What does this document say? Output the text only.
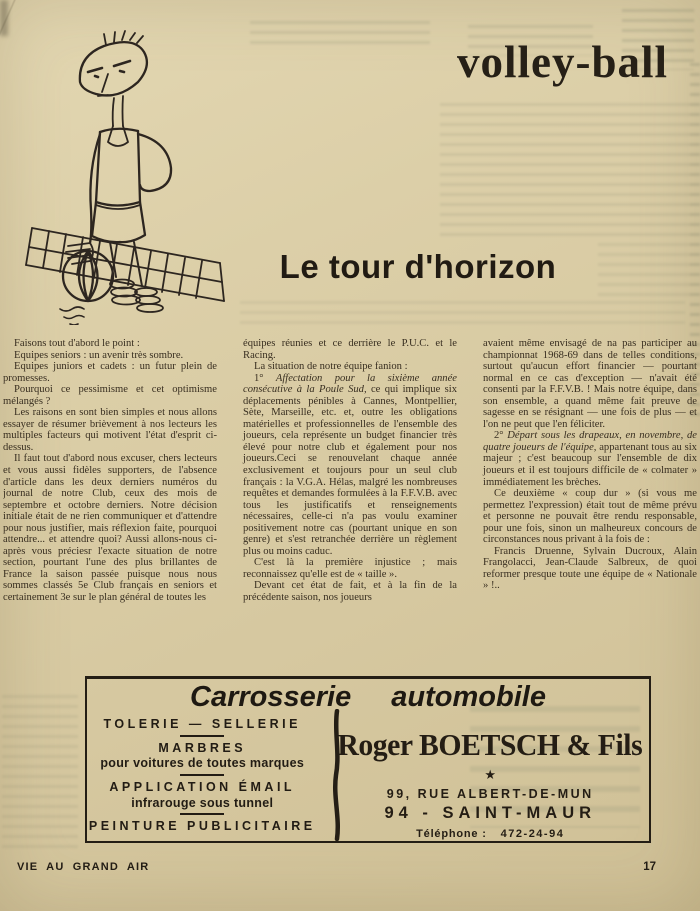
volley-ball
Le tour d'horizon

Faisons tout d'abord le point :

Equipes seniors : un avenir très sombre.

Equipes juniors et cadets : un futur plein de promesses.

Pourquoi ce pessimisme et cet optimisme mélangés ?

Les raisons en sont bien simples et nous allons essayer de résumer brièvement à nos lecteurs les multiples facteurs qui motivent l'état d'esprit ci-dessus.

Il faut tout d'abord nous excuser, chers lecteurs et vous aussi fidèles supporters, de l'absence d'article dans les deux derniers numéros du journal de notre Club, ceux des mois de septembre et octobre derniers. Notre décision initiale était de ne rien communiquer et d'attendre pour nous justifier, mais réflexion faite, pourquoi attendre... et attendre quoi? Aussi allons-nous ci-après vous préciesr l'exacte situation de notre section, pourtant l'une des plus brillantes de France la saison passée puisque nous nous sommes classés 5e Club français en seniors et certainement 3e sur le plan général de toutes les

équipes réunies et ce derrière le P.U.C. et le Racing.

La situation de notre équipe fanion :

1° Affectation pour la sixième année consécutive à la Poule Sud, ce qui implique six déplacements pénibles à Cannes, Montpellier, Sète, Marseille, etc. et, outre les obligations matérielles et professionnelles de l'ensemble des joueurs, cela représente un budget financier très élevé pour notre club et également pour nos joueurs.Ceci se renouvelant chaque année exclusivement et toujours pour un seul club français : la V.G.A. Hélas, malgré les nombreuses requêtes et demandes formulées à la F.F.V.B. avec tous les justificatifs et renseignements nécessaires, celle-ci n'a pas voulu examiner positivement notre cas (pourtant unique en son genre) et s'est retranchée derrière un règlement plus ou moins caduc.

C'est là la première injustice ; mais reconnaissez qu'elle est de « taille ».

Devant cet état de fait, et à la fin de la précédente saison, nos joueurs

avaient même envisagé de na pas participer au championnat 1968-69 dans de telles conditions, surtout qu'aucun effort financier — pourtant normal en ce cas d'exception — n'avait été consenti par la F.F.V.B. ! Mais notre équipe, dans son ensemble, a quand même fait preuve de sagesse en se résignant — une fois de plus — et l'on ne peut que l'en féliciter.

2° Départ sous les drapeaux, en novembre, de quatre joueurs de l'équipe, appartenant tous au six majeur ; c'est beaucoup sur l'ensemble de dix joueurs et il est toujours difficile de « colmater » immédiatement les brèches.

Ce deuxième « coup dur » (si vous me permettez l'expression) était tout de même prévu et personne ne pouvait être rendu responsable, pour une fois, sinon un malheureux concours de circonstances nous privant à la fois de :

Francis Druenne, Sylvain Ducroux, Alain Frangolacci, Jean-Claude Salbreux, de quoi reformer presque toute une équipe de « Nationale » !..

Carrosserie automobile
TOLERIE — SELLERIE
MARBRES
pour voitures de toutes marques
APPLICATION ÉMAIL
infrarouge sous tunnel
PEINTURE PUBLICITAIRE
Roger BOETSCH & Fils
★
99, RUE ALBERT-DE-MUN
94 - SAINT-MAUR
Téléphone : 472-24-94
VIE AU GRAND AIR	17
